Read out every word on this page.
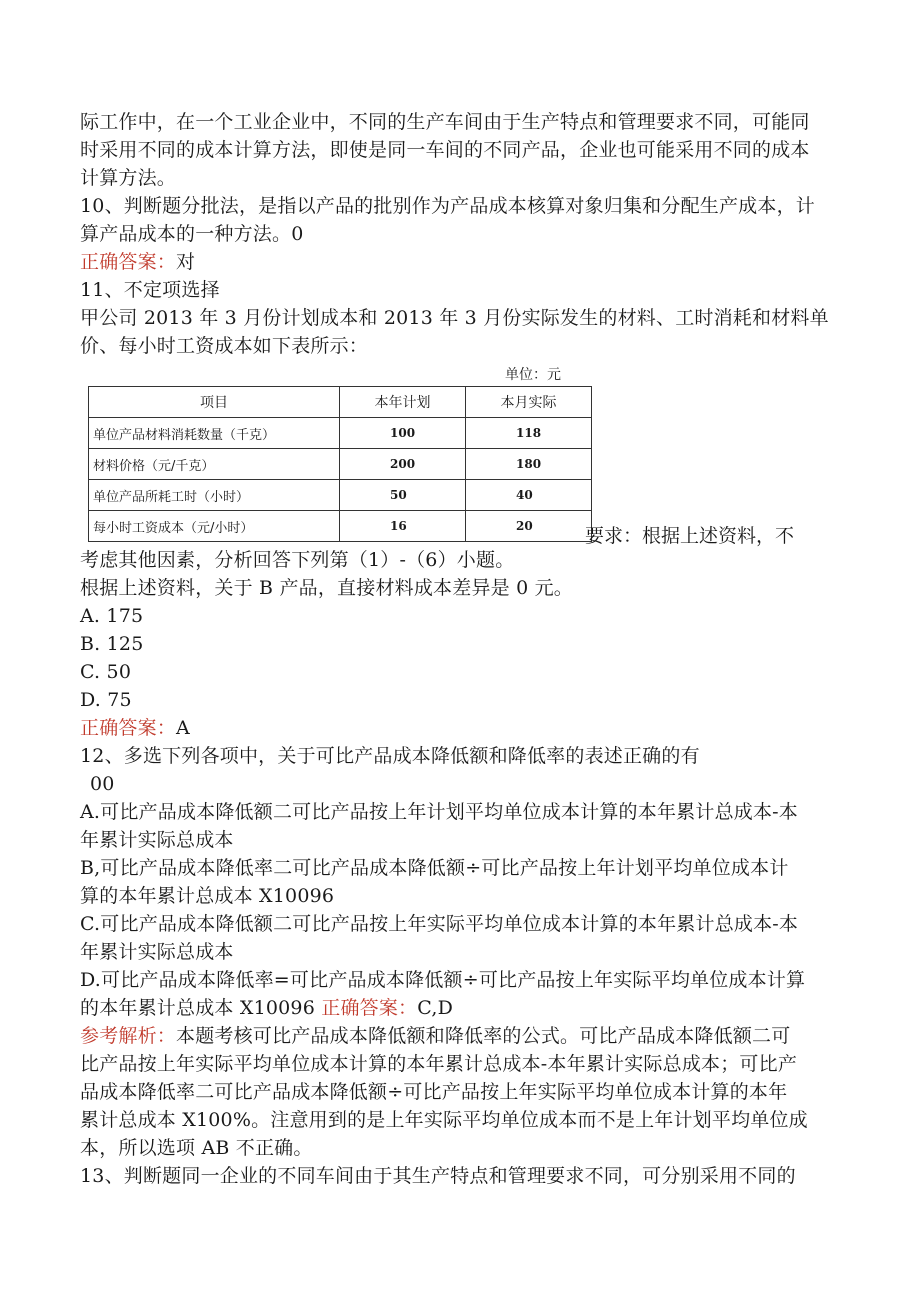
际工作中，在一个工业企业中，不同的生产车间由于生产特点和管理要求不同，可能同
时采用不同的成本计算方法，即使是同一车间的不同产品，企业也可能采用不同的成本
计算方法。
10、判断题分批法，是指以产品的批别作为产品成本核算对象归集和分配生产成本，计
算产品成本的一种方法。0
正确答案：对
11、不定项选择
甲公司 2013 年 3 月份计划成本和 2013 年 3 月份实际发生的材料、工时消耗和材料单
价、每小时工资成本如下表所示：
单位：元
项目	本年计划	本月实际
单位产品材料消耗数量（千克）	100	118
材料价格（元/千克）	200	180
单位产品所耗工时（小时）	50	40
每小时工资成本（元/小时）	16	20	要求：根据上述资料，不
考虑其他因素，分析回答下列第（1）-（6）小题。
根据上述资料，关于 B 产品，直接材料成本差异是 0 元。
A. 175
B. 125
C. 50
D. 75
正确答案：A
12、多选下列各项中，关于可比产品成本降低额和降低率的表述正确的有
00
A.可比产品成本降低额二可比产品按上年计划平均单位成本计算的本年累计总成本-本
年累计实际总成本
B,可比产品成本降低率二可比产品成本降低额÷可比产品按上年计划平均单位成本计
算的本年累计总成本 X10096
C.可比产品成本降低额二可比产品按上年实际平均单位成本计算的本年累计总成本-本
年累计实际总成本
D.可比产品成本降低率=可比产品成本降低额÷可比产品按上年实际平均单位成本计算
的本年累计总成本 X10096 正确答案：C,D
参考解析：本题考核可比产品成本降低额和降低率的公式。可比产品成本降低额二可
比产品按上年实际平均单位成本计算的本年累计总成本-本年累计实际总成本；可比产
品成本降低率二可比产品成本降低额÷可比产品按上年实际平均单位成本计算的本年
累计总成本 X100%。注意用到的是上年实际平均单位成本而不是上年计划平均单位成
本，所以选项 AB 不正确。
13、判断题同一企业的不同车间由于其生产特点和管理要求不同，可分别采用不同的
